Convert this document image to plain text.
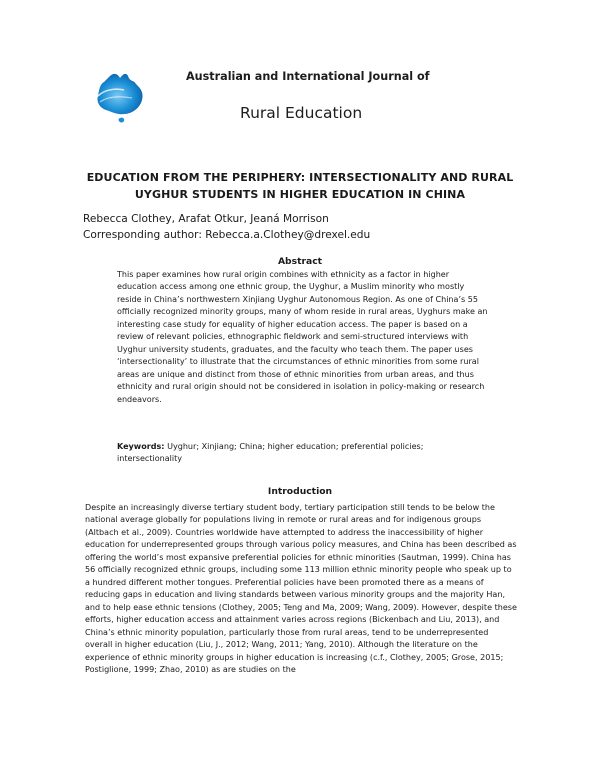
Australian and International Journal of
Rural Education
EDUCATION FROM THE PERIPHERY: INTERSECTIONALITY AND RURAL UYGHUR STUDENTS IN HIGHER EDUCATION IN CHINA
Rebecca Clothey, Arafat Otkur, Jeaná Morrison
Corresponding author: Rebecca.a.Clothey@drexel.edu
Abstract
This paper examines how rural origin combines with ethnicity as a factor in higher education access among one ethnic group, the Uyghur, a Muslim minority who mostly reside in China’s northwestern Xinjiang Uyghur Autonomous Region. As one of China’s 55 officially recognized minority groups, many of whom reside in rural areas, Uyghurs make an interesting case study for equality of higher education access. The paper is based on a review of relevant policies, ethnographic fieldwork and semi-structured interviews with Uyghur university students, graduates, and the faculty who teach them. The paper uses ‘intersectionality’ to illustrate that the circumstances of ethnic minorities from some rural areas are unique and distinct from those of ethnic minorities from urban areas, and thus ethnicity and rural origin should not be considered in isolation in policy-making or research endeavors.
Keywords: Uyghur; Xinjiang; China; higher education; preferential policies; intersectionality
Introduction
Despite an increasingly diverse tertiary student body, tertiary participation still tends to be below the national average globally for populations living in remote or rural areas and for indigenous groups (Altbach et al., 2009). Countries worldwide have attempted to address the inaccessibility of higher education for underrepresented groups through various policy measures, and China has been described as offering the world’s most expansive preferential policies for ethnic minorities (Sautman, 1999). China has 56 officially recognized ethnic groups, including some 113 million ethnic minority people who speak up to a hundred different mother tongues. Preferential policies have been promoted there as a means of reducing gaps in education and living standards between various minority groups and the majority Han, and to help ease ethnic tensions (Clothey, 2005; Teng and Ma, 2009; Wang, 2009). However, despite these efforts, higher education access and attainment varies across regions (Bickenbach and Liu, 2013), and China’s ethnic minority population, particularly those from rural areas, tend to be underrepresented overall in higher education (Liu, J., 2012; Wang, 2011; Yang, 2010). Although the literature on the experience of ethnic minority groups in higher education is increasing (c.f., Clothey, 2005; Grose, 2015; Postiglione, 1999; Zhao, 2010) as are studies on the
